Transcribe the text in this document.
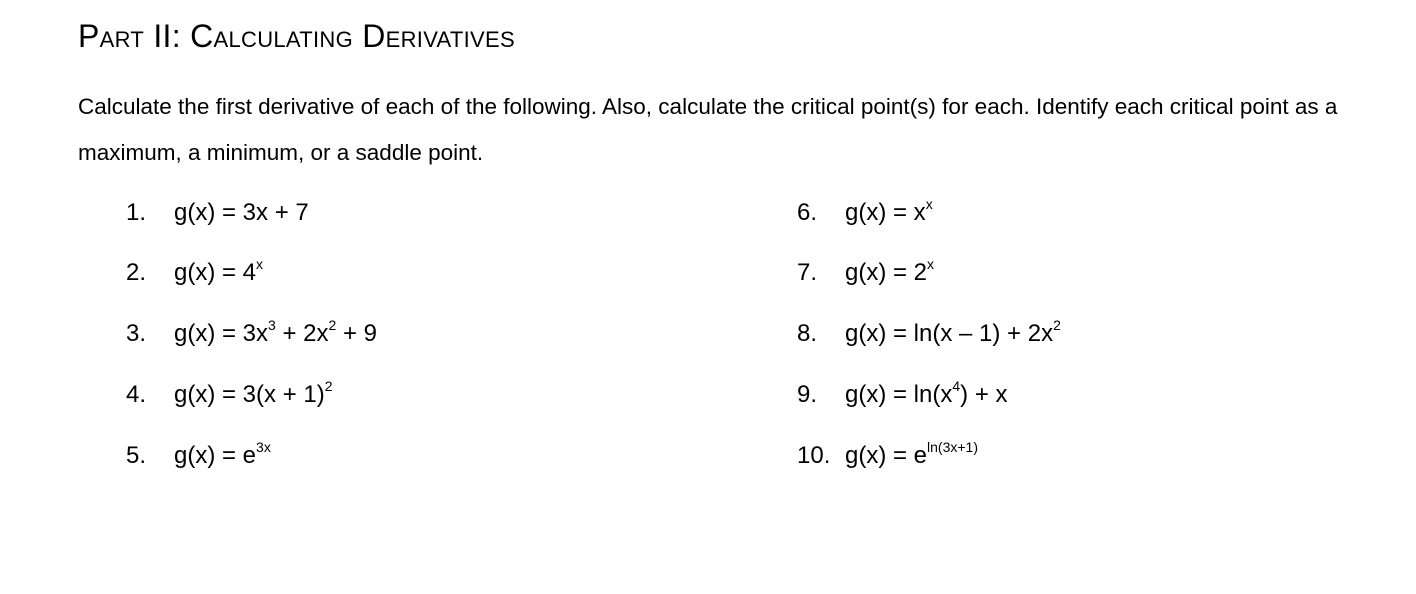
Part II: Calculating Derivatives

Calculate the first derivative of each of the following. Also, calculate the critical point(s) for each. Identify each critical point as a maximum, a minimum, or a saddle point.

1. g(x) = 3x + 7
2. $g(x) = 4^x$
3. $g(x) = 3x^3 + 2x^2 + 9$
4. $g(x) = 3(x + 1)^2$
5. $g(x) = e^{3x}$
6. $g(x) = x^x$
7. $g(x) = 2^x$
8. $g(x) = \ln(x - 1) + 2x^2$
9. $g(x) = \ln(x^4) + x$
10. $g(x) = e^{ln(3x+1)}$
